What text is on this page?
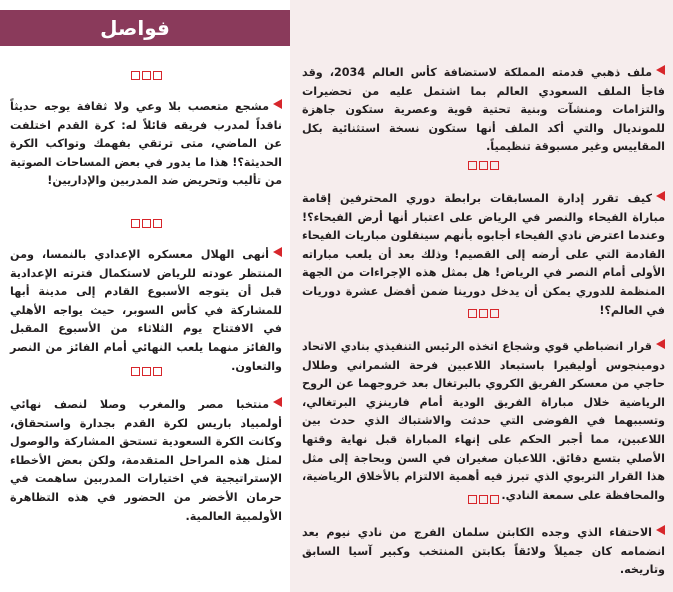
ملف ذهبي قدمته المملكة لاستضافة كأس العالم 2034، وقد فاجأ الملف السعودي العالم بما اشتمل عليه من تحضيرات والتزامات ومنشآت وبنية تحتية قوية وعصرية ستكون جاهزة للمونديال والتي أكد الملف أنها ستكون نسخة استثنائية بكل المقاييس وغير مسبوقة تنظيمياً.
كيف تقرر إدارة المسابقات برابطة دوري المحترفين إقامة مباراة الفيحاء والنصر في الرياض على اعتبار أنها أرض الفيحاء؟! وعندما اعترض نادي الفيحاء أجابوه بأنهم سينقلون مباريات الفيحاء القادمة التي على أرضه إلى القصيم! وذلك بعد أن يلعب مباراته الأولى أمام النصر في الرياض! هل بمثل هذه الإجراءات من الجهة المنظمة للدوري يمكن أن يدخل دورينا ضمن أفضل عشرة دوريات في العالم؟!
قرار انضباطي قوي وشجاع اتخذه الرئيس التنفيذي بنادي الاتحاد دومينجوس أوليفيرا باستبعاد اللاعبين فرحة الشمراني وطلال حاجي من معسكر الفريق الكروي بالبرتغال بعد خروجهما عن الروح الرياضية خلال مباراة الفريق الودية أمام فارينزي البرتغالي، وتسببهما في الفوضى التي حدثت والاشتباك الذي حدث بين اللاعبين، مما أجبر الحكم على إنهاء المباراة قبل نهاية وقتها الأصلي بتسع دقائق. اللاعبان صغيران في السن وبحاجة إلى مثل هذا القرار التربوي الذي تبرز فيه أهمية الالتزام بالأخلاق الرياضية، والمحافظة على سمعة النادي.
الاحتفاء الذي وجده الكابتن سلمان الفرج من نادي نيوم بعد انضمامه كان جميلاً ولائقاً بكابتن المنتخب وكبير آسيا السابق وتاريخه.
فواصل
مشجع متعصب بلا وعي ولا ثقافة يوجه حديثاً ناقداً لمدرب فريقه قائلاً له: كرة القدم اختلفت عن الماضي، متى ترتقي بفهمك وتواكب الكرة الحديثة؟! هذا ما يدور في بعض المساحات الصوتية من تأليب وتحريض ضد المدربين والإداريين!
أنهى الهلال معسكره الإعدادي بالنمسا، ومن المنتظر عودته للرياض لاستكمال فترته الإعدادية قبل أن يتوجه الأسبوع القادم إلى مدينة أبها للمشاركة في كأس السوبر، حيث يواجه الأهلي في الافتتاح يوم الثلاثاء من الأسبوع المقبل والفائز منهما يلعب النهائي أمام الفائز من النصر والتعاون.
منتخبا مصر والمغرب وصلا لنصف نهائي أولمبياد باريس لكرة القدم بجدارة واستحقاق، وكانت الكرة السعودية تستحق المشاركة والوصول لمثل هذه المراحل المتقدمة، ولكن بعض الأخطاء الإستراتيجية في اختيارات المدربين ساهمت في حرمان الأخضر من الحضور في هذه التظاهرة الأولمبية العالمية.
